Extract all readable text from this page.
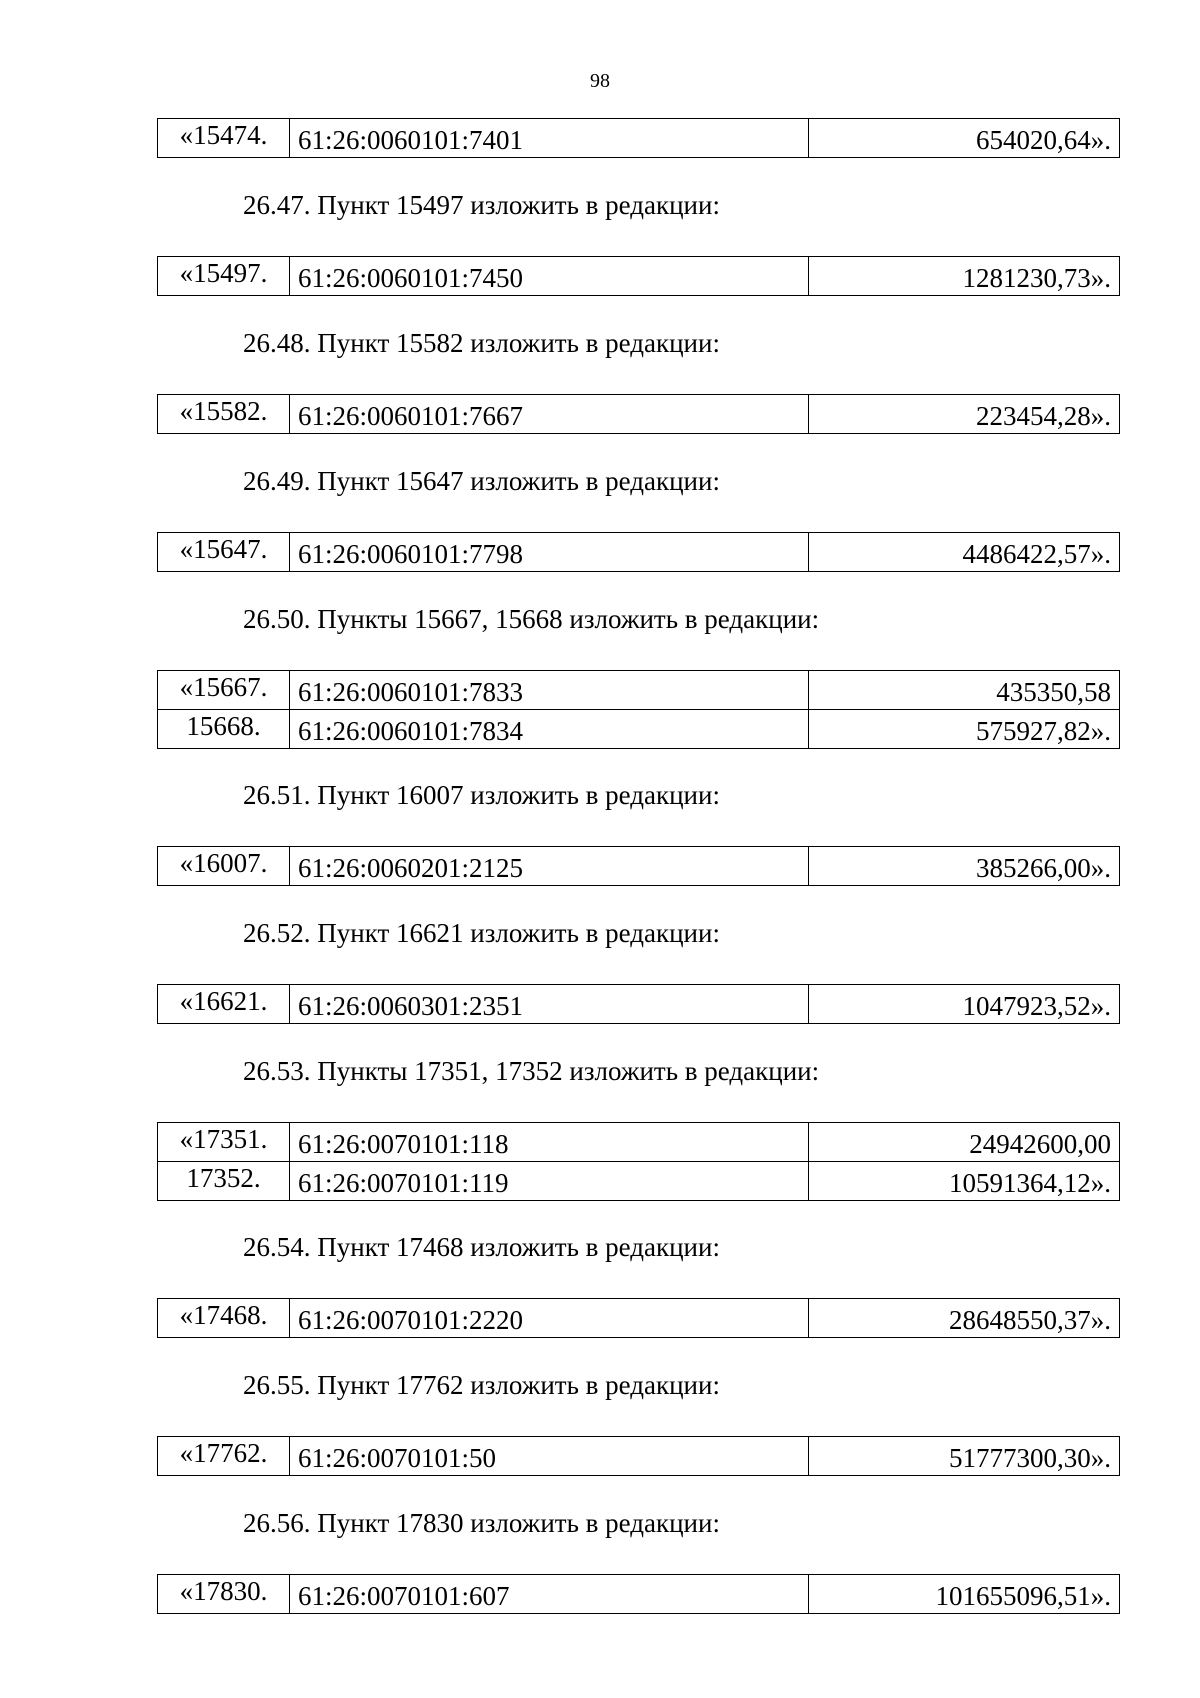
98
«15474.	61:26:0060101:7401	654020,64».
26.47. Пункт 15497 изложить в редакции:
«15497.	61:26:0060101:7450	1281230,73».
26.48. Пункт 15582 изложить в редакции:
«15582.	61:26:0060101:7667	223454,28».
26.49. Пункт 15647 изложить в редакции:
«15647.	61:26:0060101:7798	4486422,57».
26.50. Пункты 15667, 15668 изложить в редакции:
«15667.	61:26:0060101:7833	435350,58
15668.	61:26:0060101:7834	575927,82».
26.51. Пункт 16007 изложить в редакции:
«16007.	61:26:0060201:2125	385266,00».
26.52. Пункт 16621 изложить в редакции:
«16621.	61:26:0060301:2351	1047923,52».
26.53. Пункты 17351, 17352 изложить в редакции:
«17351.	61:26:0070101:118	24942600,00
17352.	61:26:0070101:119	10591364,12».
26.54. Пункт 17468 изложить в редакции:
«17468.	61:26:0070101:2220	28648550,37».
26.55. Пункт 17762 изложить в редакции:
«17762.	61:26:0070101:50	51777300,30».
26.56. Пункт 17830 изложить в редакции:
«17830.	61:26:0070101:607	101655096,51».
